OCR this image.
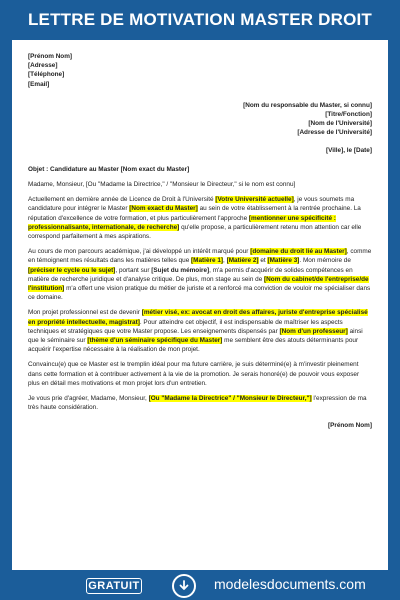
LETTRE DE MOTIVATION MASTER DROIT
[Prénom Nom]
[Adresse]
[Téléphone]
[Email]
[Nom du responsable du Master, si connu]
[Titre/Fonction]
[Nom de l'Université]
[Adresse de l'Université]
[Ville], le [Date]
Objet : Candidature au Master [Nom exact du Master]

Madame, Monsieur, [Ou "Madame la Directrice," / "Monsieur le Directeur," si le nom est connu]

Actuellement en dernière année de Licence de Droit à l'Université [Votre Université actuelle], je vous soumets ma candidature pour intégrer le Master [Nom exact du Master] au sein de votre établissement à la rentrée prochaine. La réputation d'excellence de votre formation, et plus particulièrement l'approche [mentionner une spécificité : professionnalisante, internationale, de recherche] qu'elle propose, a particulièrement retenu mon attention car elle correspond parfaitement à mes aspirations.

Au cours de mon parcours académique, j'ai développé un intérêt marqué pour [domaine du droit lié au Master], comme en témoignent mes résultats dans les matières telles que [Matière 1], [Matière 2] et [Matière 3]. Mon mémoire de [préciser le cycle ou le sujet], portant sur [Sujet du mémoire], m'a permis d'acquérir de solides compétences en matière de recherche juridique et d'analyse critique. De plus, mon stage au sein de [Nom du cabinet/de l'entreprise/de l'institution] m'a offert une vision pratique du métier de juriste et a renforcé ma conviction de vouloir me spécialiser dans ce domaine.

Mon projet professionnel est de devenir [métier visé, ex: avocat en droit des affaires, juriste d'entreprise spécialisé en propriété intellectuelle, magistrat]. Pour atteindre cet objectif, il est indispensable de maîtriser les aspects techniques et stratégiques que votre Master propose. Les enseignements dispensés par [Nom d'un professeur] ainsi que le séminaire sur [thème d'un séminaire spécifique du Master] me semblent être des atouts déterminants pour acquérir l'expertise nécessaire à la réalisation de mon projet.

Convaincu(e) que ce Master est le tremplin idéal pour ma future carrière, je suis déterminé(e) à m'investir pleinement dans cette formation et à contribuer activement à la vie de la promotion. Je serais honoré(e) de pouvoir vous exposer plus en détail mes motivations et mon projet lors d'un entretien.

Je vous prie d'agréer, Madame, Monsieur, [Ou "Madame la Directrice" / "Monsieur le Directeur,"] l'expression de ma très haute considération.

[Prénom Nom]
GRATUIT	modelesdocuments.com
